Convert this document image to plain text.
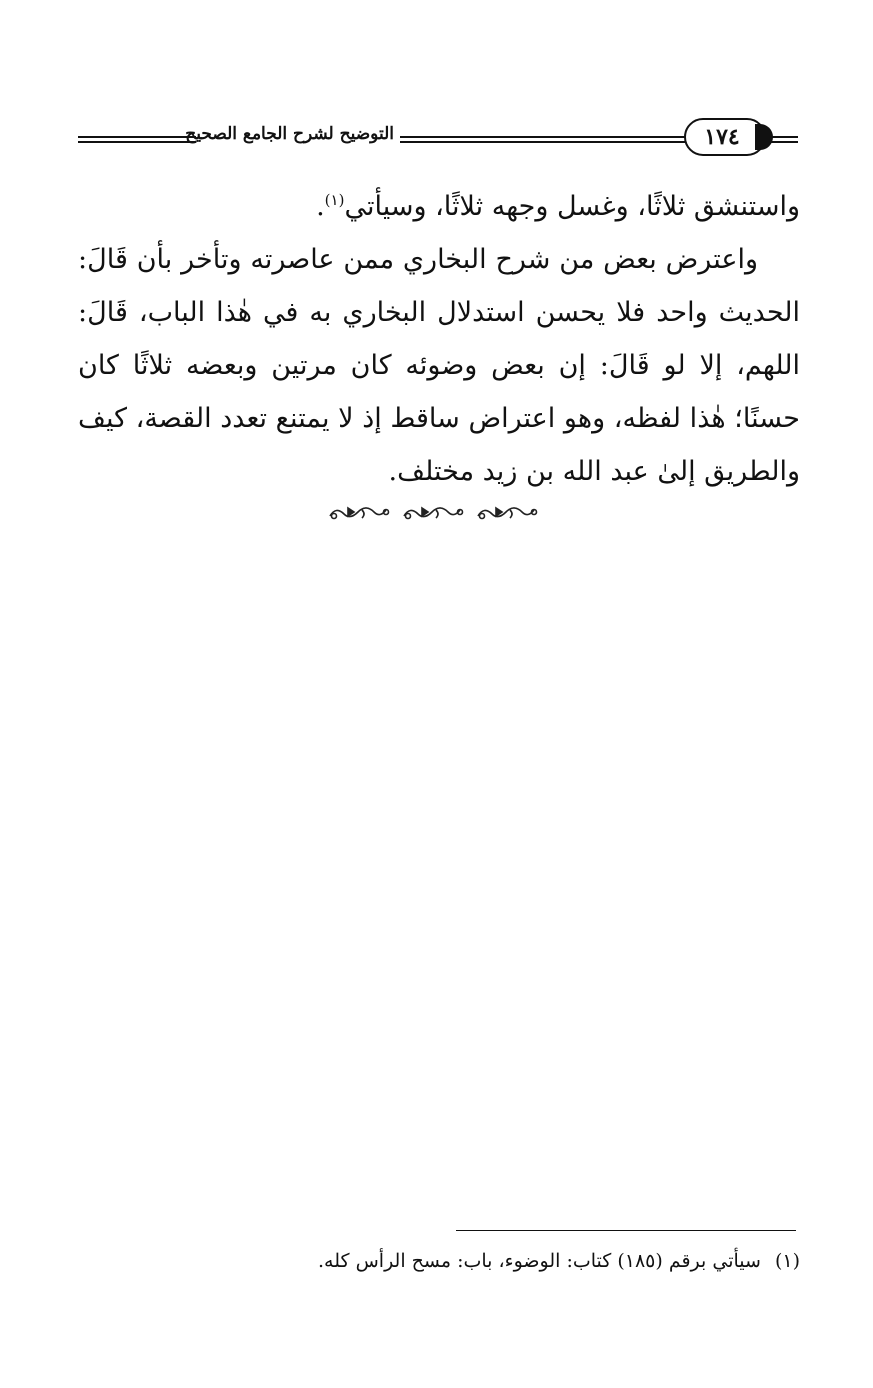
التوضيح لشرح الجامع الصحيح	١٧٤

واستنشق ثلاثًا، وغسل وجهه ثلاثًا، وسيأتي$^{(١)}$.

واعترض بعض من شرح البخاري ممن عاصرته وتأخر بأن قَالَ: الحديث واحد فلا يحسن استدلال البخاري به في هٰذا الباب، قَالَ: اللهم، إلا لو قَالَ: إن بعض وضوئه كان مرتين وبعضه ثلاثًا كان حسنًا؛ هٰذا لفظه، وهو اعتراض ساقط إذ لا يمتنع تعدد القصة، كيف والطريق إلىٰ عبد الله بن زيد مختلف.

(١)سيأتي برقم (١٨٥) كتاب: الوضوء، باب: مسح الرأس كله.
